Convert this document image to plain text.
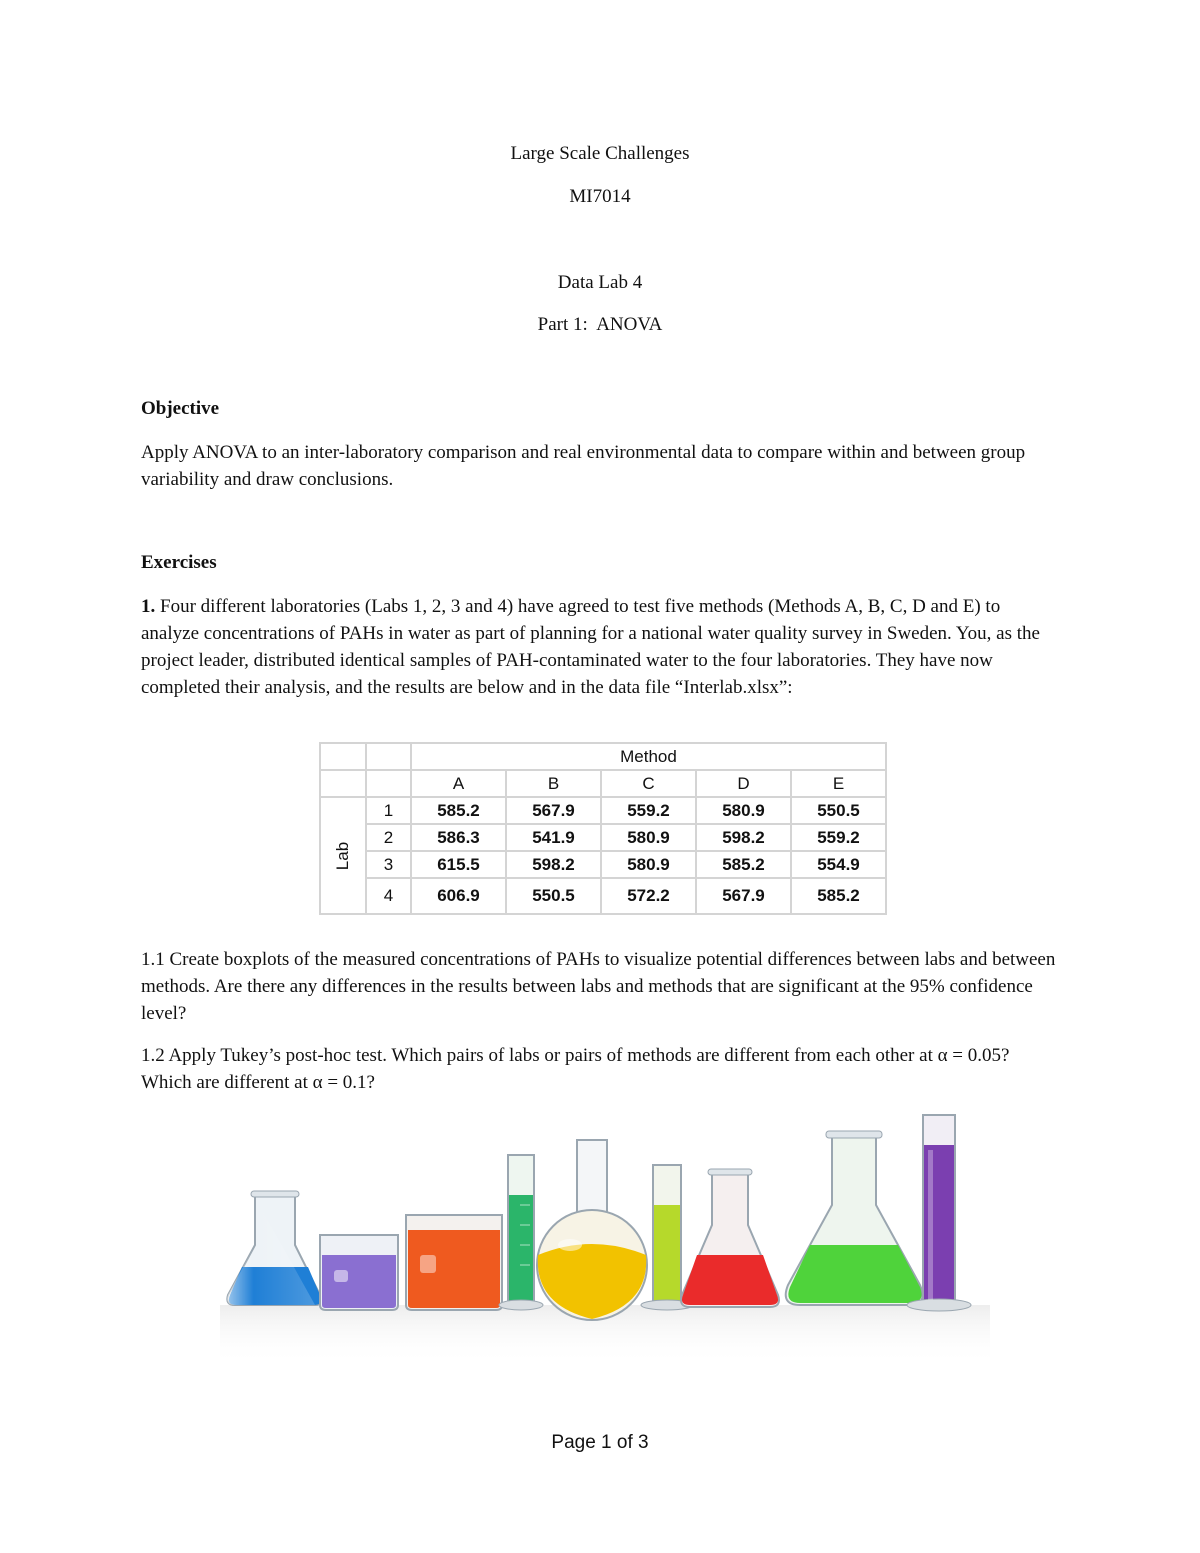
Large Scale Challenges
MI7014
Data Lab 4
Part 1:  ANOVA
Objective
Apply ANOVA to an inter-laboratory comparison and real environmental data to compare within and between group variability and draw conclusions.
Exercises
1. Four different laboratories (Labs 1, 2, 3 and 4) have agreed to test five methods (Methods A, B, C, D and E) to analyze concentrations of PAHs in water as part of planning for a national water quality survey in Sweden. You, as the project leader, distributed identical samples of PAH-contaminated water to the four laboratories. They have now completed their analysis, and the results are below and in the data file “Interlab.xlsx”:
		Method				
		A	B	C	D	E
Lab	1	585.2	567.9	559.2	580.9	550.5
	2	586.3	541.9	580.9	598.2	559.2
	3	615.5	598.2	580.9	585.2	554.9
	4	606.9	550.5	572.2	567.9	585.2
1.1 Create boxplots of the measured concentrations of PAHs to visualize potential differences between labs and between methods. Are there any differences in the results between labs and methods that are significant at the 95% confidence level?
1.2 Apply Tukey’s post-hoc test. Which pairs of labs or pairs of methods are different from each other at α = 0.05? Which are different at α = 0.1?
Page 1 of 3
